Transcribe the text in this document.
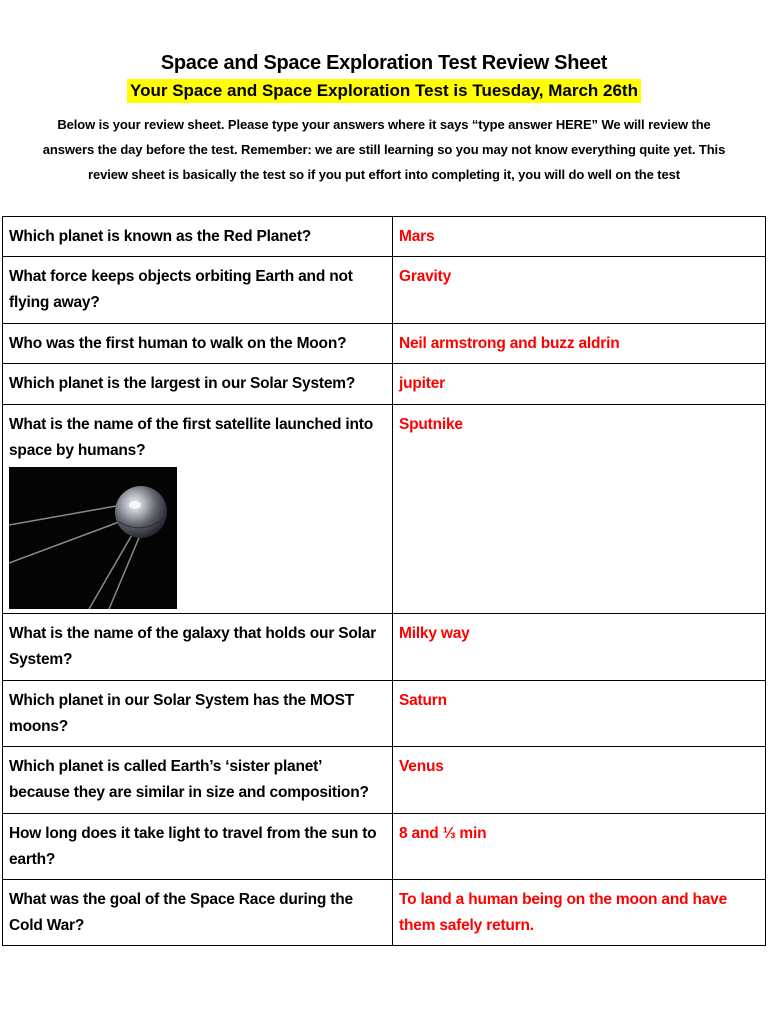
Space and Space Exploration Test Review Sheet
Your Space and Space Exploration Test is Tuesday, March 26th
Below is your review sheet. Please type your answers where it says “type answer HERE” We will review the answers the day before the test. Remember: we are still learning so you may not know everything quite yet. This review sheet is basically the test so if you put effort into completing it, you will do well on the test
Which planet is known as the Red Planet?	Mars
What force keeps objects orbiting Earth and not flying away?	Gravity
Who was the first human to walk on the Moon?	Neil armstrong and buzz aldrin
Which planet is the largest in our Solar System?	jupiter
What is the name of the first satellite launched into space by humans?	Sputnike
What is the name of the galaxy that holds our Solar System?	Milky way
Which planet in our Solar System has the MOST moons?	Saturn
Which planet is called Earth’s ‘sister planet’ because they are similar in size and composition?	Venus
How long does it take light to travel from the sun to earth?	8 and ⅓ min
What was the goal of the Space Race during the Cold War?	To land a human being on the moon and have them safely return.
